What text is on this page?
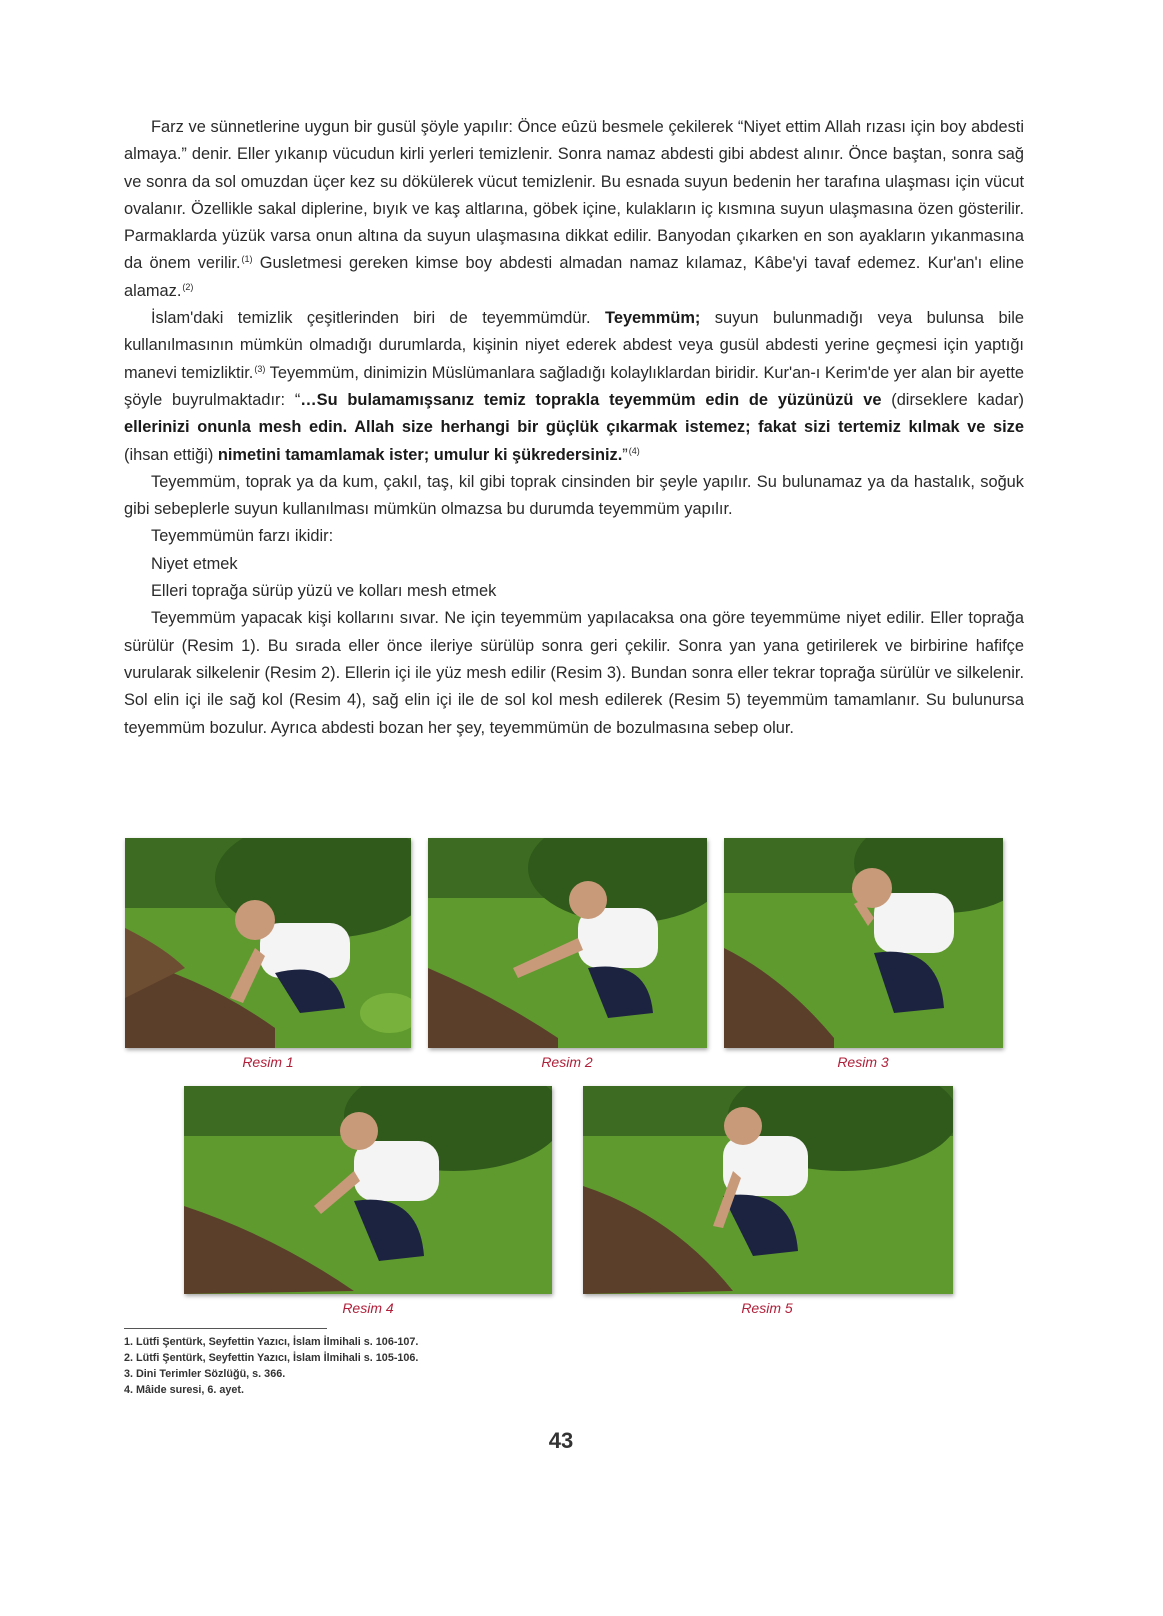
Farz ve sünnetlerine uygun bir gusül şöyle yapılır: Önce eûzü besmele çekilerek “Niyet ettim Allah rızası için boy abdesti almaya.” denir. Eller yıkanıp vücudun kirli yerleri temizlenir. Sonra namaz abdesti gibi abdest alınır. Önce baştan, sonra sağ ve sonra da sol omuzdan üçer kez su dökülerek vücut temizlenir. Bu esnada suyun bedenin her tarafına ulaşması için vücut ovalanır. Özellikle sakal diplerine, bıyık ve kaş altlarına, göbek içine, kulakların iç kısmına suyun ulaşmasına özen gösterilir. Parmaklarda yüzük varsa onun altına da suyun ulaşmasına dikkat edilir. Banyodan çıkarken en son ayakların yıkanmasına da önem verilir.$^{(1)}$ Gusletmesi gereken kimse boy abdesti almadan namaz kılamaz, Kâbe'yi tavaf edemez. Kur'an'ı eline alamaz.$^{(2)}$

İslam'daki temizlik çeşitlerinden biri de teyemmümdür. Teyemmüm; suyun bulunmadığı veya bulunsa bile kullanılmasının mümkün olmadığı durumlarda, kişinin niyet ederek abdest veya gusül abdesti yerine geçmesi için yaptığı manevi temizliktir.$^{(3)}$ Teyemmüm, dinimizin Müslümanlara sağladığı kolaylıklardan biridir. Kur'an-ı Kerim'de yer alan bir ayette şöyle buyrulmaktadır: “…Su bulamamışsanız temiz toprakla teyemmüm edin de yüzünüzü ve (dirseklere kadar) ellerinizi onunla mesh edin. Allah size herhangi bir güçlük çıkarmak istemez; fakat sizi tertemiz kılmak ve size (ihsan ettiği) nimetini tamamlamak ister; umulur ki şükredersiniz.”$^{(4)}$

Teyemmüm, toprak ya da kum, çakıl, taş, kil gibi toprak cinsinden bir şeyle yapılır. Su bulunamaz ya da hastalık, soğuk gibi sebeplerle suyun kullanılması mümkün olmazsa bu durumda teyemmüm yapılır.

Teyemmümün farzı ikidir:

Niyet etmek

Elleri toprağa sürüp yüzü ve kolları mesh etmek

Teyemmüm yapacak kişi kollarını sıvar. Ne için teyemmüm yapılacaksa ona göre teyemmüme niyet edilir. Eller toprağa sürülür (Resim 1). Bu sırada eller önce ileriye sürülüp sonra geri çekilir. Sonra yan yana getirilerek ve birbirine hafifçe vurularak silkelenir (Resim 2). Ellerin içi ile yüz mesh edilir (Resim 3). Bundan sonra eller tekrar toprağa sürülür ve silkelenir. Sol elin içi ile sağ kol (Resim 4), sağ elin içi ile de sol kol mesh edilerek (Resim 5) teyemmüm tamamlanır. Su bulunursa teyemmüm bozulur. Ayrıca abdesti bozan her şey, teyemmümün de bozulmasına sebep olur.

Resim 1	Resim 2	Resim 3
Resim 4	Resim 5
1. Lütfi Şentürk, Seyfettin Yazıcı, İslam İlmihali s. 106-107.
2. Lütfi Şentürk, Seyfettin Yazıcı, İslam İlmihali s. 105-106.
3. Dini Terimler Sözlüğü, s. 366.
4. Mâide suresi, 6. ayet.
43
